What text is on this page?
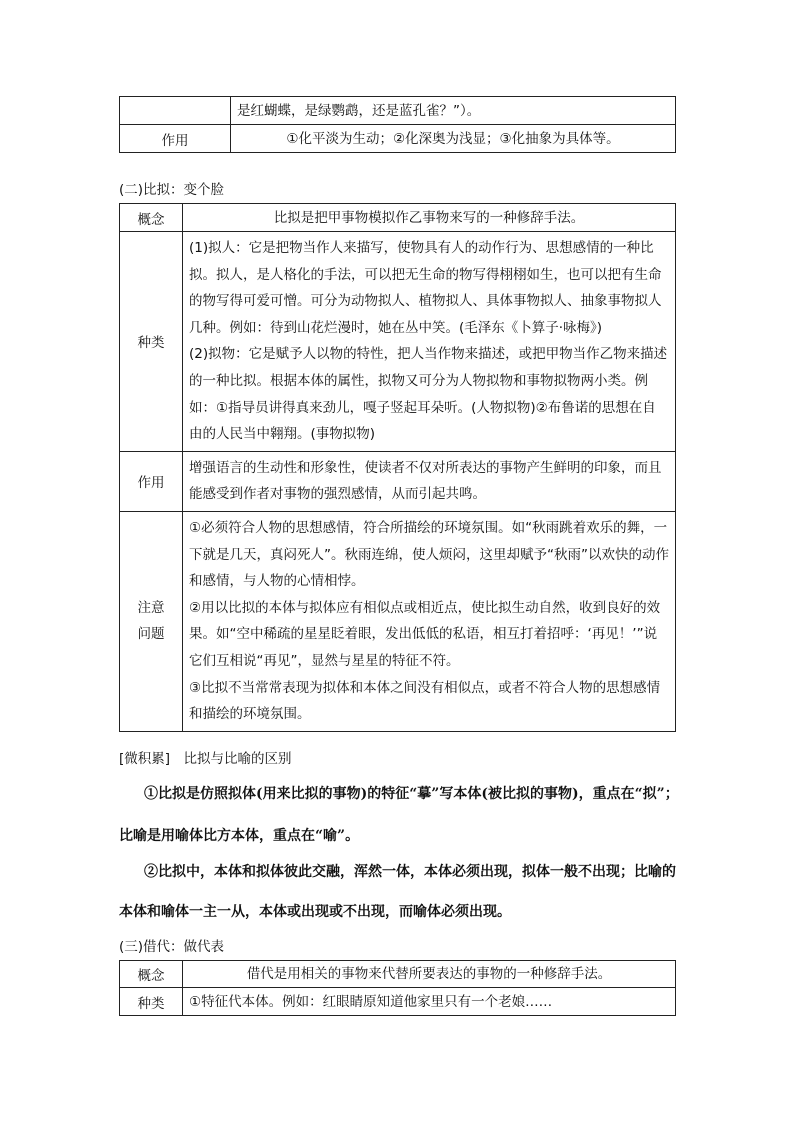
	是红蝴蝶，是绿鹦鹉，还是蓝孔雀？”）。
作用	①化平淡为生动；②化深奥为浅显；③化抽象为具体等。
(二)比拟：变个脸
概念	比拟是把甲事物模拟作乙事物来写的一种修辞手法。
种类	(1)拟人：它是把物当作人来描写，使物具有人的动作行为、思想感情的一种比拟。拟人，是人格化的手法，可以把无生命的物写得栩栩如生，也可以把有生命的物写得可爱可憎。可分为动物拟人、植物拟人、具体事物拟人、抽象事物拟人几种。例如：待到山花烂漫时，她在丛中笑。(毛泽东《卜算子·咏梅》)

(2)拟物：它是赋予人以物的特性，把人当作物来描述，或把甲物当作乙物来描述的一种比拟。根据本体的属性，拟物又可分为人物拟物和事物拟物两小类。例如：①指导员讲得真来劲儿，嘎子竖起耳朵听。(人物拟物)②布鲁诺的思想在自由的人民当中翱翔。(事物拟物)

作用	增强语言的生动性和形象性，使读者不仅对所表达的事物产生鲜明的印象，而且能感受到作者对事物的强烈感情，从而引起共鸣。

注意问题	①必须符合人物的思想感情，符合所描绘的环境氛围。如“秋雨跳着欢乐的舞，一下就是几天，真闷死人”。秋雨连绵，使人烦闷，这里却赋予“秋雨”以欢快的动作和感情，与人物的心情相悖。

②用以比拟的本体与拟体应有相似点或相近点，使比拟生动自然，收到良好的效果。如“空中稀疏的星星眨着眼，发出低低的私语，相互打着招呼：‘再见！’”说它们互相说“再见”，显然与星星的特征不符。

③比拟不当常常表现为拟体和本体之间没有相似点，或者不符合人物的思想感情和描绘的环境氛围。

[微积累]　比拟与比喻的区别
①比拟是仿照拟体(用来比拟的事物)的特征“摹”写本体(被比拟的事物)，重点在“拟”；
比喻是用喻体比方本体，重点在“喻”。
②比拟中，本体和拟体彼此交融，浑然一体，本体必须出现，拟体一般不出现；比喻的
本体和喻体一主一从，本体或出现或不出现，而喻体必须出现。
(三)借代：做代表
概念	借代是用相关的事物来代替所要表达的事物的一种修辞手法。
种类	①特征代本体。例如：红眼睛原知道他家里只有一个老娘……
